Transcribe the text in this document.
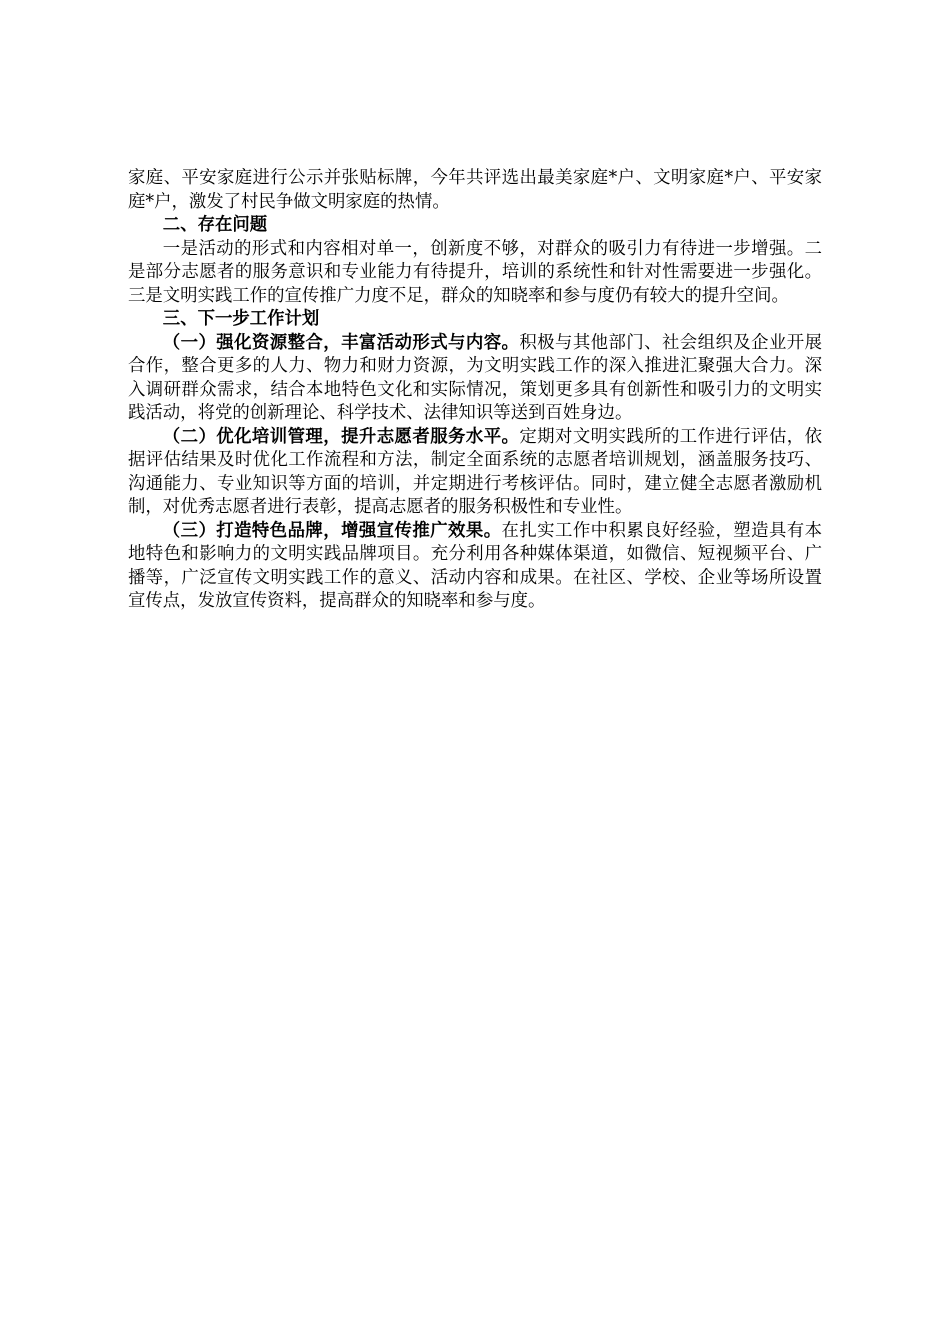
家庭、平安家庭进行公示并张贴标牌，今年共评选出最美家庭*户、文明家庭*户、平安家庭*户，激发了村民争做文明家庭的热情。

二、存在问题

一是活动的形式和内容相对单一，创新度不够，对群众的吸引力有待进一步增强。二是部分志愿者的服务意识和专业能力有待提升，培训的系统性和针对性需要进一步强化。三是文明实践工作的宣传推广力度不足，群众的知晓率和参与度仍有较大的提升空间。

三、下一步工作计划

（一）强化资源整合，丰富活动形式与内容。积极与其他部门、社会组织及企业开展合作，整合更多的人力、物力和财力资源，为文明实践工作的深入推进汇聚强大合力。深入调研群众需求，结合本地特色文化和实际情况，策划更多具有创新性和吸引力的文明实践活动，将党的创新理论、科学技术、法律知识等送到百姓身边。

（二）优化培训管理，提升志愿者服务水平。定期对文明实践所的工作进行评估，依据评估结果及时优化工作流程和方法，制定全面系统的志愿者培训规划，涵盖服务技巧、沟通能力、专业知识等方面的培训，并定期进行考核评估。同时，建立健全志愿者激励机制，对优秀志愿者进行表彰，提高志愿者的服务积极性和专业性。

（三）打造特色品牌，增强宣传推广效果。在扎实工作中积累良好经验，塑造具有本地特色和影响力的文明实践品牌项目。充分利用各种媒体渠道，如微信、短视频平台、广播等，广泛宣传文明实践工作的意义、活动内容和成果。在社区、学校、企业等场所设置宣传点，发放宣传资料，提高群众的知晓率和参与度。
